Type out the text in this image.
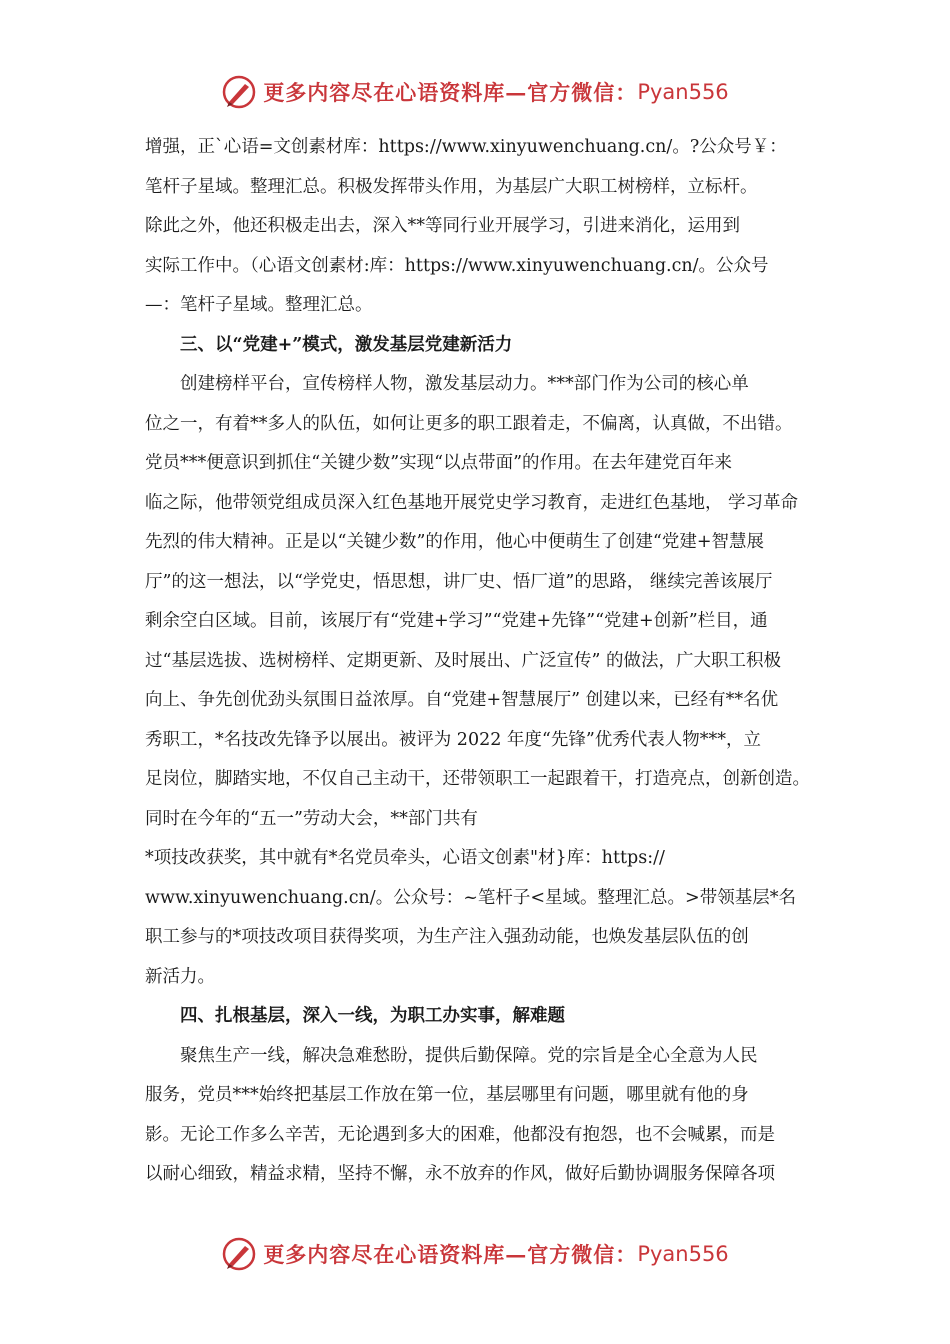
更多内容尽在心语资料库—官方微信： Pyan556
增强，正`心语=文创素材库：https://www.xinyuwenchuang.cn/。?公众号￥：
笔杆子星域。整理汇总。积极发挥带头作用，为基层广大职工树榜样，立标杆。
除此之外，他还积极走出去，深入**等同行业开展学习，引进来消化，运用到
实际工作中。（心语文创素材:库：https://www.xinyuwenchuang.cn/。公众号
—：笔杆子星域。整理汇总。
三、以“党建+”模式，激发基层党建新活力
创建榜样平台，宣传榜样人物，激发基层动力。***部门作为公司的核心单
位之一，有着**多人的队伍，如何让更多的职工跟着走，不偏离，认真做，不出错。
党员***便意识到抓住“关键少数”实现“以点带面”的作用。在去年建党百年来
临之际，他带领党组成员深入红色基地开展党史学习教育，走进红色基地， 学习革命
先烈的伟大精神。正是以“关键少数”的作用，他心中便萌生了创建“党建+智慧展
厅”的这一想法，以“学党史，悟思想，讲厂史、悟厂道”的思路， 继续完善该展厅
剩余空白区域。目前，该展厅有“党建+学习”“党建+先锋”“党建+创新”栏目，通
过“基层选拔、选树榜样、定期更新、及时展出、广泛宣传” 的做法，广大职工积极
向上、争先创优劲头氛围日益浓厚。自“党建+智慧展厅” 创建以来，已经有**名优
秀职工，*名技改先锋予以展出。被评为 2022 年度“先锋”优秀代表人物***，立
足岗位，脚踏实地，不仅自己主动干，还带领职工一起跟着干，打造亮点，创新创造。
同时在今年的“五一”劳动大会，**部门共有
*项技改获奖，其中就有*名党员牵头，心语文创素"材}库：https://
www.xinyuwenchuang.cn/。公众号：~笔杆子<星域。整理汇总。>带领基层*名
职工参与的*项技改项目获得奖项，为生产注入强劲动能，也焕发基层队伍的创
新活力。
四、扎根基层，深入一线，为职工办实事，解难题
聚焦生产一线，解决急难愁盼，提供后勤保障。党的宗旨是全心全意为人民
服务，党员***始终把基层工作放在第一位，基层哪里有问题，哪里就有他的身
影。无论工作多么辛苦，无论遇到多大的困难，他都没有抱怨，也不会喊累，而是
以耐心细致，精益求精，坚持不懈，永不放弃的作风，做好后勤协调服务保障各项
更多内容尽在心语资料库—官方微信： Pyan556
